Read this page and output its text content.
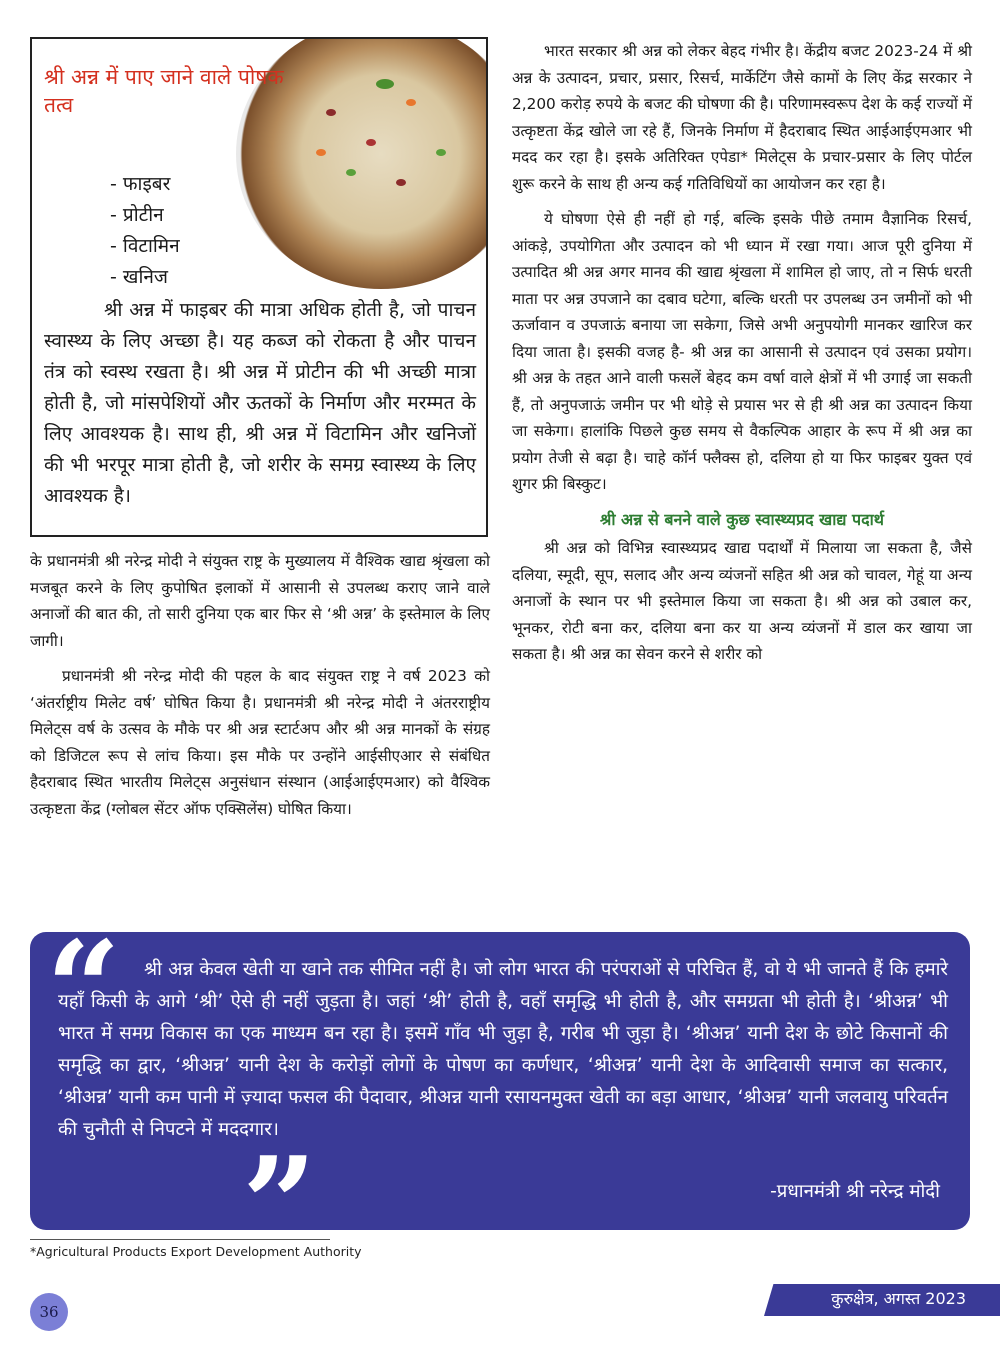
श्री अन्न में पाए जाने वाले पोषक तत्व
- फाइबर
- प्रोटीन
- विटामिन
- खनिज

श्री अन्न में फाइबर की मात्रा अधिक होती है, जो पाचन स्वास्थ्य के लिए अच्छा है। यह कब्ज को रोकता है और पाचन तंत्र को स्वस्थ रखता है। श्री अन्न में प्रोटीन की भी अच्छी मात्रा होती है, जो मांसपेशियों और ऊतकों के निर्माण और मरम्मत के लिए आवश्यक है। साथ ही, श्री अन्न में विटामिन और खनिजों की भी भरपूर मात्रा होती है, जो शरीर के समग्र स्वास्थ्य के लिए आवश्यक है।

के प्रधानमंत्री श्री नरेन्द्र मोदी ने संयुक्त राष्ट्र के मुख्यालय में वैश्विक खाद्य श्रृंखला को मजबूत करने के लिए कुपोषित इलाकों में आसानी से उपलब्ध कराए जाने वाले अनाजों की बात की, तो सारी दुनिया एक बार फिर से ‘श्री अन्न’ के इस्तेमाल के लिए जागी।

प्रधानमंत्री श्री नरेन्द्र मोदी की पहल के बाद संयुक्त राष्ट्र ने वर्ष 2023 को ‘अंतर्राष्ट्रीय मिलेट वर्ष’ घोषित किया है। प्रधानमंत्री श्री नरेन्द्र मोदी ने अंतरराष्ट्रीय मिलेट्स वर्ष के उत्सव के मौके पर श्री अन्न स्टार्टअप और श्री अन्न मानकों के संग्रह को डिजिटल रूप से लांच किया। इस मौके पर उन्होंने आईसीएआर से संबंधित हैदराबाद स्थित भारतीय मिलेट्स अनुसंधान संस्थान (आईआईएमआर) को वैश्विक उत्कृष्टता केंद्र (ग्लोबल सेंटर ऑफ एक्सिलेंस) घोषित किया।

भारत सरकार श्री अन्न को लेकर बेहद गंभीर है। केंद्रीय बजट 2023-24 में श्री अन्न के उत्पादन, प्रचार, प्रसार, रिसर्च, मार्केटिंग जैसे कामों के लिए केंद्र सरकार ने 2,200 करोड़ रुपये के बजट की घोषणा की है। परिणामस्वरूप देश के कई राज्यों में उत्कृष्टता केंद्र खोले जा रहे हैं, जिनके निर्माण में हैदराबाद स्थित आईआईएमआर भी मदद कर रहा है। इसके अतिरिक्त एपेडा* मिलेट्स के प्रचार-प्रसार के लिए पोर्टल शुरू करने के साथ ही अन्य कई गतिविधियों का आयोजन कर रहा है।

ये घोषणा ऐसे ही नहीं हो गई, बल्कि इसके पीछे तमाम वैज्ञानिक रिसर्च, आंकड़े, उपयोगिता और उत्पादन को भी ध्यान में रखा गया। आज पूरी दुनिया में उत्पादित श्री अन्न अगर मानव की खाद्य श्रृंखला में शामिल हो जाए, तो न सिर्फ धरती माता पर अन्न उपजाने का दबाव घटेगा, बल्कि धरती पर उपलब्ध उन जमीनों को भी ऊर्जावान व उपजाऊं बनाया जा सकेगा, जिसे अभी अनुपयोगी मानकर खारिज कर दिया जाता है। इसकी वजह है- श्री अन्न का आसानी से उत्पादन एवं उसका प्रयोग। श्री अन्न के तहत आने वाली फसलें बेहद कम वर्षा वाले क्षेत्रों में भी उगाई जा सकती हैं, तो अनुपजाऊं जमीन पर भी थोड़े से प्रयास भर से ही श्री अन्न का उत्पादन किया जा सकेगा। हालांकि पिछले कुछ समय से वैकल्पिक आहार के रूप में श्री अन्न का प्रयोग तेजी से बढ़ा है। चाहे कॉर्न फ्लैक्स हो, दलिया हो या फिर फाइबर युक्त एवं शुगर फ्री बिस्कुट।

श्री अन्न से बनने वाले कुछ स्वास्थ्यप्रद खाद्य पदार्थ

श्री अन्न को विभिन्न स्वास्थ्यप्रद खाद्य पदार्थों में मिलाया जा सकता है, जैसे दलिया, स्मूदी, सूप, सलाद और अन्य व्यंजनों सहित श्री अन्न को चावल, गेहूं या अन्य अनाजों के स्थान पर भी इस्तेमाल किया जा सकता है। श्री अन्न को उबाल कर, भूनकर, रोटी बना कर, दलिया बना कर या अन्य व्यंजनों में डाल कर खाया जा सकता है। श्री अन्न का सेवन करने से शरीर को

“	श्री अन्न केवल खेती या खाने तक सीमित नहीं है। जो लोग भारत की परंपराओं से परिचित हैं, वो ये भी जानते हैं कि हमारे यहाँ किसी के आगे ‘श्री’ ऐसे ही नहीं जुड़ता है। जहां ‘श्री’ होती है, वहाँ समृद्धि भी होती है, और समग्रता भी होती है। ‘श्रीअन्न’ भी भारत में समग्र विकास का एक माध्यम बन रहा है। इसमें गाँव भी जुड़ा है, गरीब भी जुड़ा है। ‘श्रीअन्न’ यानी देश के छोटे किसानों की समृद्धि का द्वार, ‘श्रीअन्न’ यानी देश के करोड़ों लोगों के पोषण का कर्णधार, ‘श्रीअन्न’ यानी देश के आदिवासी समाज का सत्कार, ‘श्रीअन्न’ यानी कम पानी में ज़्यादा फसल की पैदावार, श्रीअन्न यानी रसायनमुक्त खेती का बड़ा आधार, ‘श्रीअन्न’ यानी जलवायु परिवर्तन की चुनौती से निपटने में मददगार।

”	-प्रधानमंत्री श्री नरेन्द्र मोदी

*Agricultural Products Export Development Authority

36

कुरुक्षेत्र, अगस्त 2023
